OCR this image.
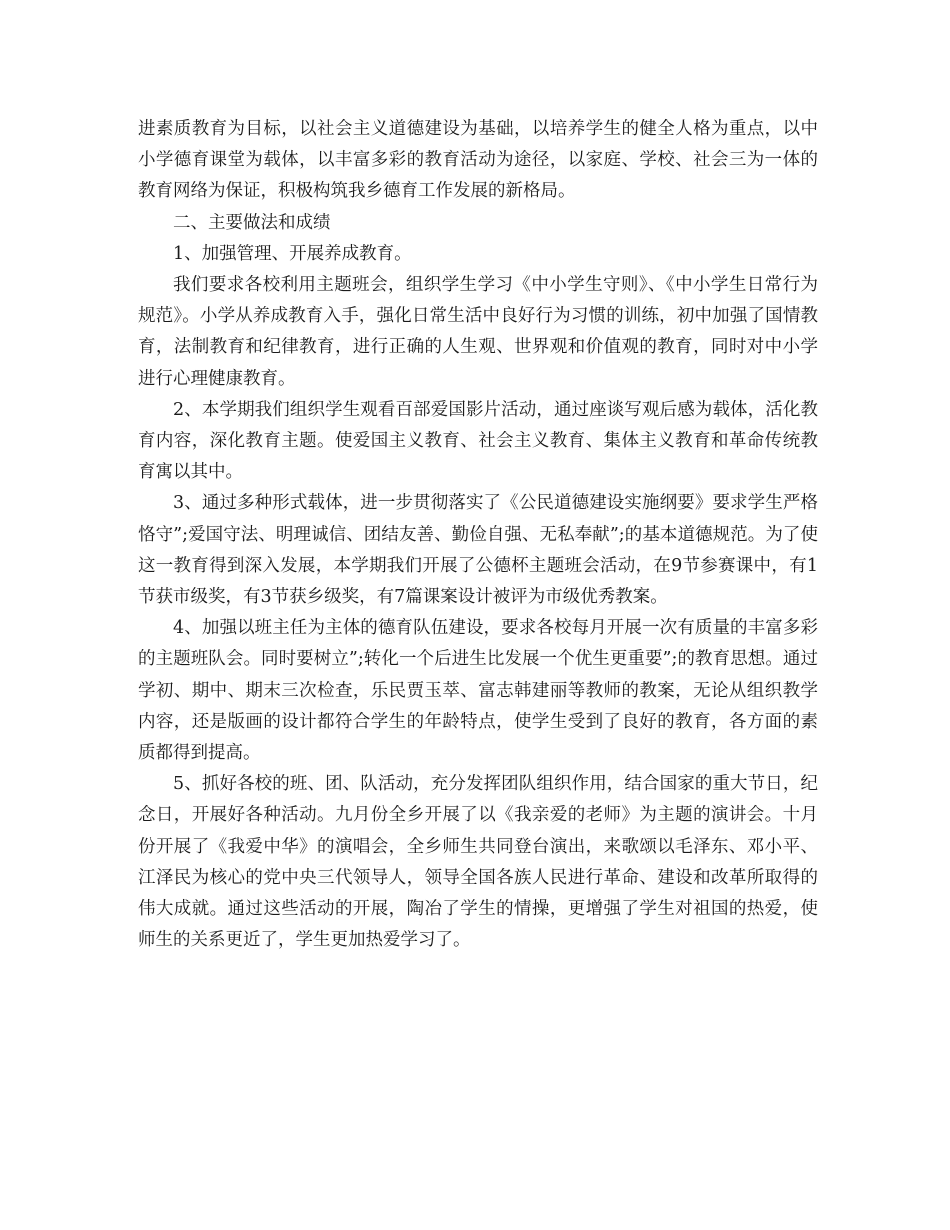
进素质教育为目标，以社会主义道德建设为基础，以培养学生的健全人格为重点，以中小学德育课堂为载体，以丰富多彩的教育活动为途径，以家庭、学校、社会三为一体的教育网络为保证，积极构筑我乡德育工作发展的新格局。

二、主要做法和成绩

1、加强管理、开展养成教育。

我们要求各校利用主题班会，组织学生学习《中小学生守则》、《中小学生日常行为规范》。小学从养成教育入手，强化日常生活中良好行为习惯的训练，初中加强了国情教育，法制教育和纪律教育，进行正确的人生观、世界观和价值观的教育，同时对中小学进行心理健康教育。

2、本学期我们组织学生观看百部爱国影片活动，通过座谈写观后感为载体，活化教育内容，深化教育主题。使爱国主义教育、社会主义教育、集体主义教育和革命传统教育寓以其中。

3、通过多种形式载体，进一步贯彻落实了《公民道德建设实施纲要》要求学生严格恪守”;爱国守法、明理诚信、团结友善、勤俭自强、无私奉献”;的基本道德规范。为了使这一教育得到深入发展，本学期我们开展了公德杯主题班会活动，在9节参赛课中，有1节获市级奖，有3节获乡级奖，有7篇课案设计被评为市级优秀教案。

4、加强以班主任为主体的德育队伍建设，要求各校每月开展一次有质量的丰富多彩的主题班队会。同时要树立”;转化一个后进生比发展一个优生更重要”;的教育思想。通过学初、期中、期末三次检查，乐民贾玉萃、富志韩建丽等教师的教案，无论从组织教学内容，还是版画的设计都符合学生的年龄特点，使学生受到了良好的教育，各方面的素质都得到提高。

5、抓好各校的班、团、队活动，充分发挥团队组织作用，结合国家的重大节日，纪念日，开展好各种活动。九月份全乡开展了以《我亲爱的老师》为主题的演讲会。十月份开展了《我爱中华》的演唱会，全乡师生共同登台演出，来歌颂以毛泽东、邓小平、江泽民为核心的党中央三代领导人，领导全国各族人民进行革命、建设和改革所取得的伟大成就。通过这些活动的开展，陶冶了学生的情操，更增强了学生对祖国的热爱，使师生的关系更近了，学生更加热爱学习了。
